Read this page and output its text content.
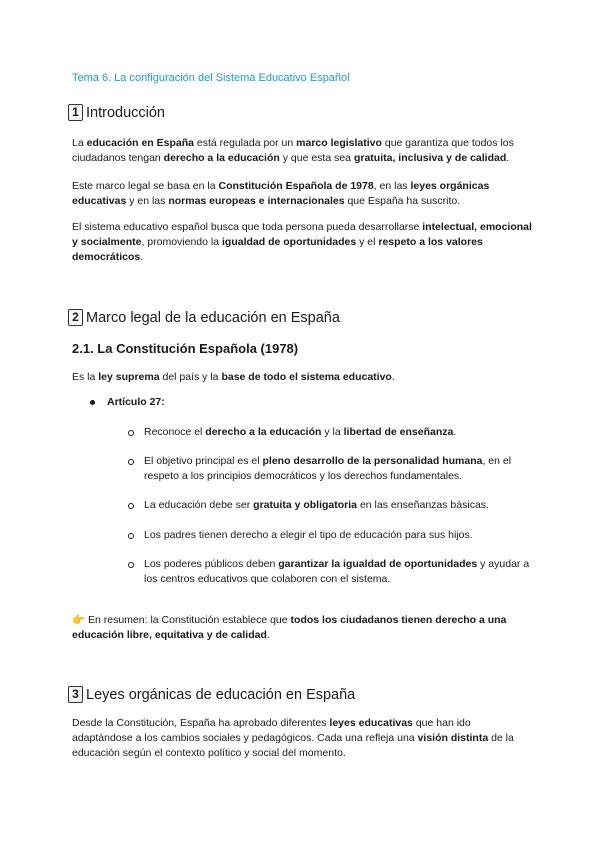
Tema 6. La configuración del Sistema Educativo Español
1 Introducción

La educación en España está regulada por un marco legislativo que garantiza que todos los ciudadanos tengan derecho a la educación y que esta sea gratuita, inclusiva y de calidad.

Este marco legal se basa en la Constitución Española de 1978, en las leyes orgánicas educativas y en las normas europeas e internacionales que España ha suscrito.

El sistema educativo español busca que toda persona pueda desarrollarse intelectual, emocional y socialmente, promoviendo la igualdad de oportunidades y el respeto a los valores democráticos.

2 Marco legal de la educación en España
2.1. La Constitución Española (1978)

Es la ley suprema del país y la base de todo el sistema educativo.

Artículo 27:
Reconoce el derecho a la educación y la libertad de enseñanza.
El objetivo principal es el pleno desarrollo de la personalidad humana, en el respeto a los principios democráticos y los derechos fundamentales.
La educación debe ser gratuita y obligatoria en las enseñanzas básicas.
Los padres tienen derecho a elegir el tipo de educación para sus hijos.
Los poderes públicos deben garantizar la igualdad de oportunidades y ayudar a los centros educativos que colaboren con el sistema.

👉 En resumen: la Constitución establece que todos los ciudadanos tienen derecho a una educación libre, equitativa y de calidad.

3 Leyes orgánicas de educación en España

Desde la Constitución, España ha aprobado diferentes leyes educativas que han ido adaptándose a los cambios sociales y pedagógicos. Cada una refleja una visión distinta de la educación según el contexto político y social del momento.
